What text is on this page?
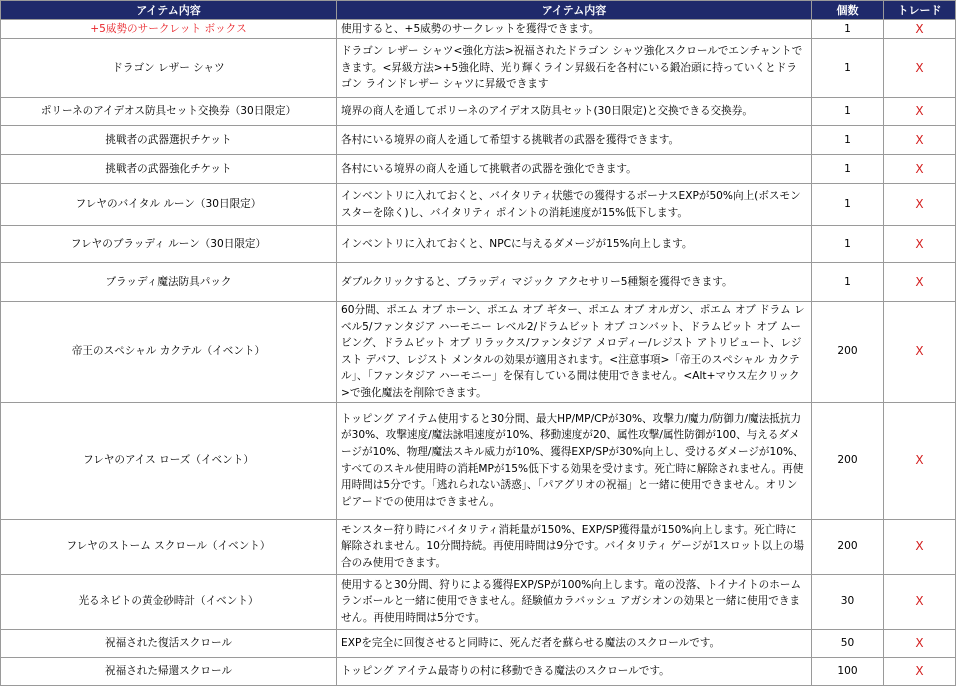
アイテム内容	アイテム内容	個数	トレード
+5威勢のサークレット ボックス	使用すると、+5威勢のサークレットを獲得できます。	1	X
ドラゴン レザー シャツ	ドラゴン レザー シャツ<強化方法>祝福されたドラゴン シャツ強化スクロールでエンチャントできます。<昇級方法>+5強化時、光り輝くライン昇級石を各村にいる鍛冶頭に持っていくとドラゴン ラインドレザー シャツに昇級できます	1	X
ポリーネのアイデオス防具セット交換券（30日限定）	境界の商人を通してポリーネのアイデオス防具セット(30日限定)と交換できる交換券。	1	X
挑戦者の武器選択チケット	各村にいる境界の商人を通して希望する挑戦者の武器を獲得できます。	1	X
挑戦者の武器強化チケット	各村にいる境界の商人を通して挑戦者の武器を強化できます。	1	X
フレヤのバイタル ルーン（30日限定）	インベントリに入れておくと、バイタリティ状態での獲得するボーナスEXPが50%向上(ボスモンスターを除く)し、バイタリティ ポイントの消耗速度が15%低下します。	1	X
フレヤのブラッディ ルーン（30日限定）	インベントリに入れておくと、NPCに与えるダメージが15%向上します。	1	X
ブラッディ魔法防具パック	ダブルクリックすると、ブラッディ マジック アクセサリー5種類を獲得できます。	1	X
帝王のスペシャル カクテル（イベント）	60分間、ポエム オブ ホーン、ポエム オブ ギター、ポエム オブ オルガン、ポエム オブ ドラム レベル5/ファンタジア ハーモニー レベル2/ドラムビット オブ コンバット、ドラムビット オブ ムービング、ドラムビット オブ リラックス/ファンタジア メロディー/レジスト アトリビュート、レジスト デバフ、レジスト メンタルの効果が適用されます。<注意事項>「帝王のスペシャル カクテル」、「ファンタジア ハーモニー」を保有している間は使用できません。<Alt+マウス左クリック>で強化魔法を削除できます。	200	X
フレヤのアイス ローズ（イベント）	トッピング アイテム使用すると30分間、最大HP/MP/CPが30%、攻撃力/魔力/防御力/魔法抵抗力が30%、攻撃速度/魔法詠唱速度が10%、移動速度が20、属性攻撃/属性防御が100、与えるダメージが10%、物理/魔法スキル威力が10%、獲得EXP/SPが30%向上し、受けるダメージが10%、すべてのスキル使用時の消耗MPが15%低下する効果を受けます。死亡時に解除されません。再使用時間は5分です。「逃れられない誘惑」、「パアグリオの祝福」と一緒に使用できません。オリンピアードでの使用はできません。	200	X
フレヤのストーム スクロール（イベント）	モンスター狩り時にバイタリティ消耗量が150%、EXP/SP獲得量が150%向上します。死亡時に解除されません。10分間持続。再使用時間は9分です。バイタリティ ゲージが1スロット以上の場合のみ使用できます。	200	X
光るネビトの黄金砂時計（イベント）	使用すると30分間、狩りによる獲得EXP/SPが100%向上します。竜の没落、トイナイトのホームランボールと一緒に使用できません。経験値カラバッシュ アガシオンの効果と一緒に使用できません。再使用時間は5分です。	30	X
祝福された復活スクロール	EXPを完全に回復させると同時に、死んだ者を蘇らせる魔法のスクロールです。	50	X
祝福された帰還スクロール	トッピング アイテム最寄りの村に移動できる魔法のスクロールです。	100	X
